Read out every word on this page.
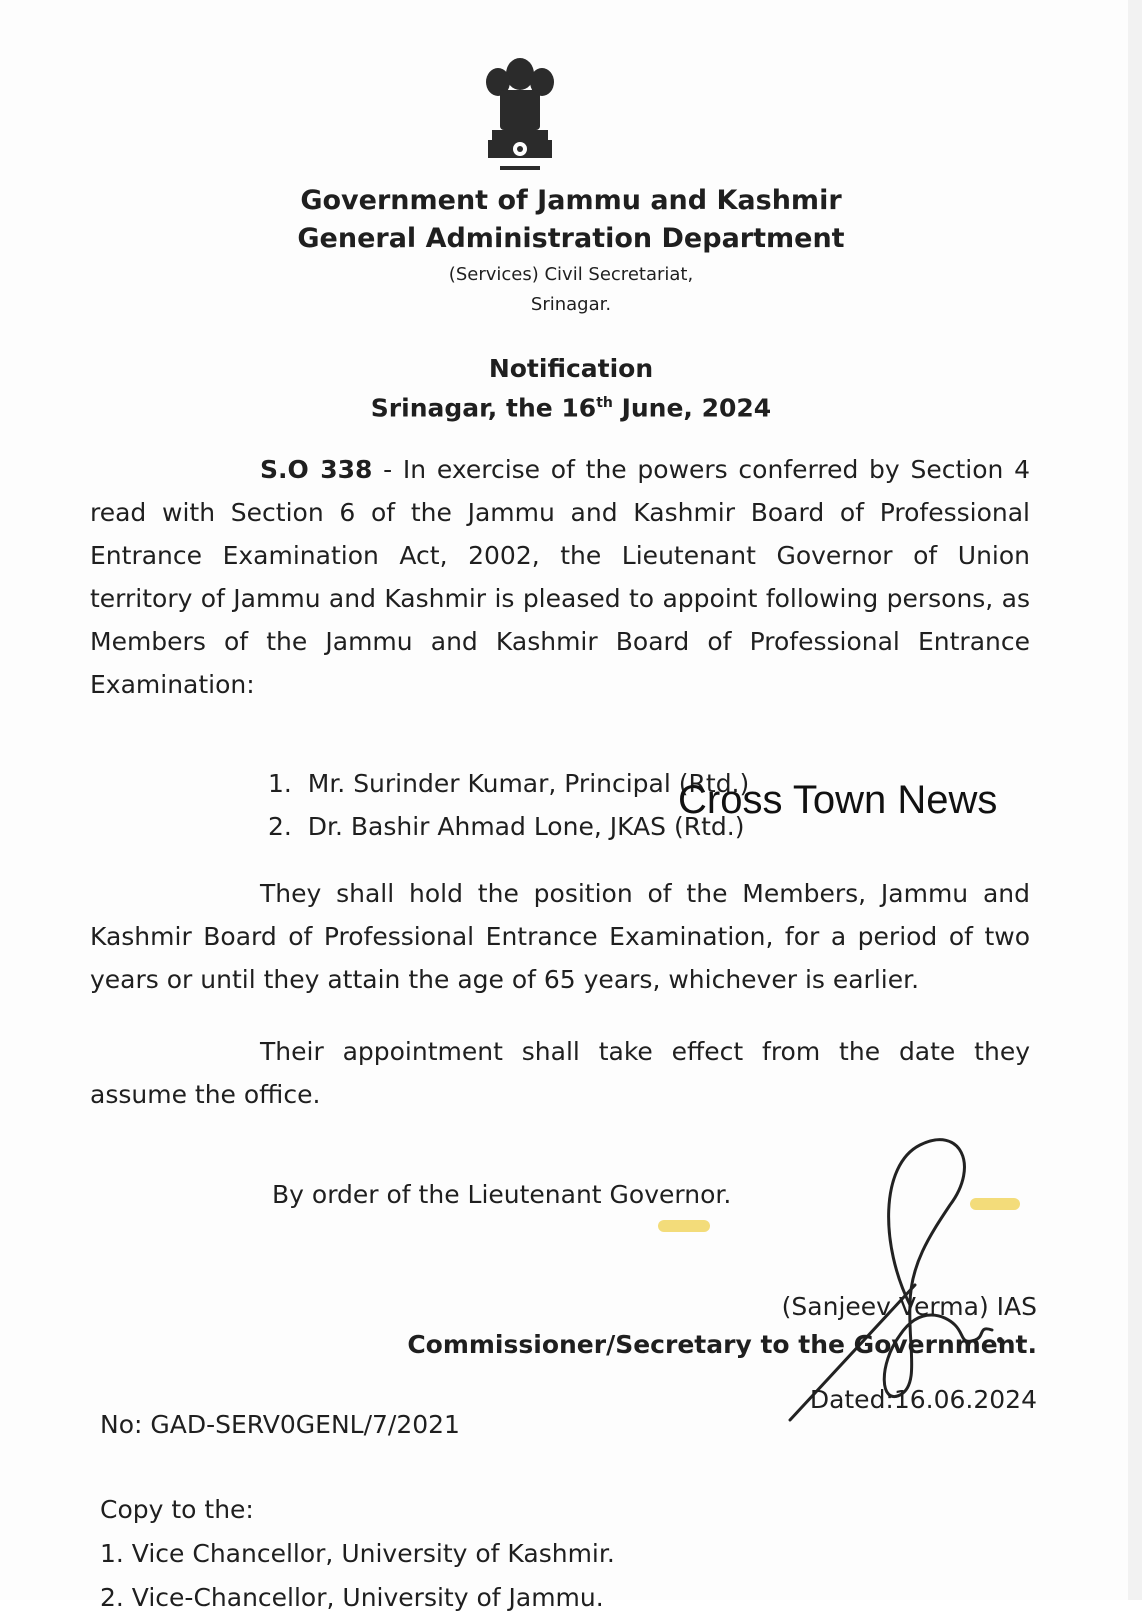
Government of Jammu and Kashmir
General Administration Department
(Services) Civil Secretariat,
Srinagar.
Notification
Srinagar, the 16th June, 2024
S.O 338 - In exercise of the powers conferred by Section 4 read with Section 6 of the Jammu and Kashmir Board of Professional Entrance Examination Act, 2002, the Lieutenant Governor of Union territory of Jammu and Kashmir is pleased to appoint following persons, as Members of the Jammu and Kashmir Board of Professional Entrance Examination:
1.  Mr. Surinder Kumar, Principal (Rtd.)
2.  Dr. Bashir Ahmad Lone, JKAS (Rtd.)
Cross Town News
They shall hold the position of the Members, Jammu and Kashmir Board of Professional Entrance Examination, for a period of two years or until they attain the age of 65 years, whichever is earlier.
Their appointment shall take effect from the date they assume the office.
By order of the Lieutenant Governor.
(Sanjeev Verma) IAS
Commissioner/Secretary to the Government.
Dated:16.06.2024
No: GAD-SERV0GENL/7/2021
Copy to the:
1. Vice Chancellor, University of Kashmir.
2. Vice-Chancellor, University of Jammu.
